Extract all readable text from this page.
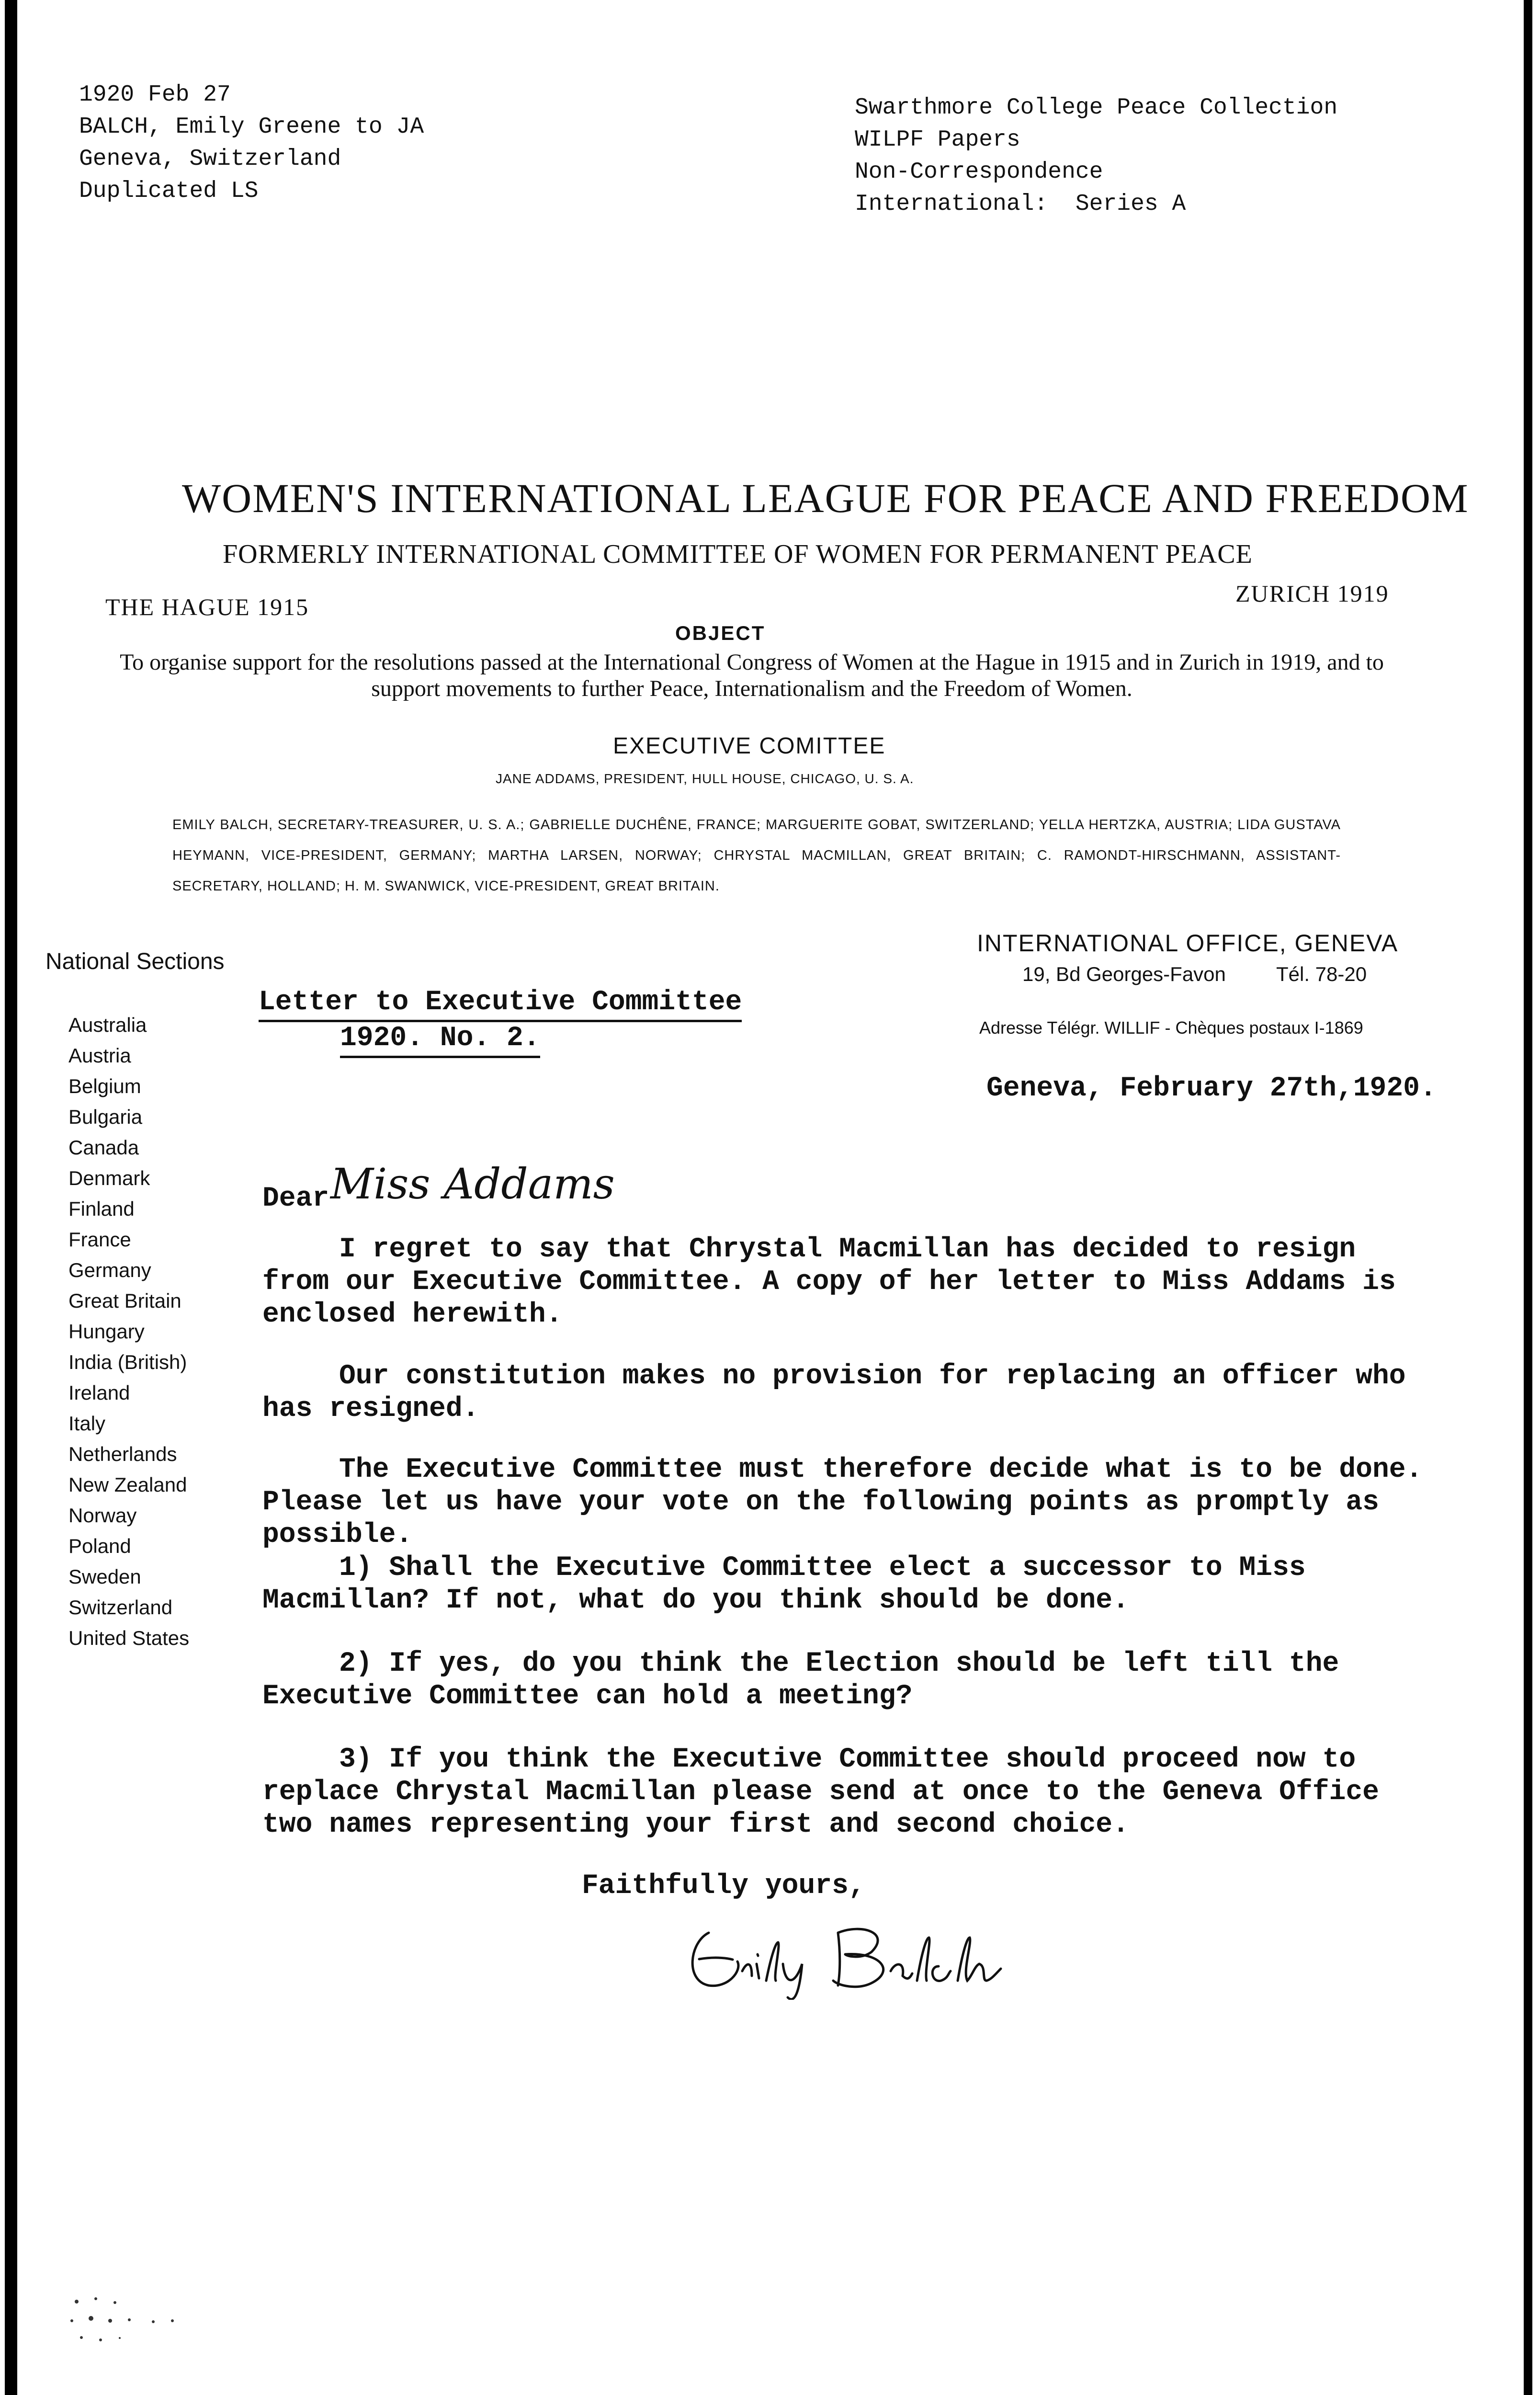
1920 Feb 27
BALCH, Emily Greene to JA
Geneva, Switzerland
Duplicated LS
Swarthmore College Peace Collection
WILPF Papers
Non-Correspondence
International:  Series A
WOMEN'S INTERNATIONAL LEAGUE FOR PEACE AND FREEDOM
FORMERLY INTERNATIONAL COMMITTEE OF WOMEN FOR PERMANENT PEACE
THE HAGUE 1915	ZURICH 1919
OBJECT
To organise support for the resolutions passed at the International Congress of Women at the Hague in 1915 and in Zurich in 1919, and to support movements to further Peace, Internationalism and the Freedom of Women.
EXECUTIVE COMITTEE
JANE ADDAMS, PRESIDENT, HULL HOUSE, CHICAGO, U. S. A.
EMILY BALCH, SECRETARY-TREASURER, U. S. A.; GABRIELLE DUCHÊNE, FRANCE; MARGUERITE GOBAT, SWITZERLAND; YELLA HERTZKA, AUSTRIA; LIDA GUSTAVA HEYMANN, VICE-PRESIDENT, GERMANY; MARTHA LARSEN, NORWAY; CHRYSTAL MACMILLAN, GREAT BRITAIN; C. RAMONDT-HIRSCHMANN, ASSISTANT-SECRETARY, HOLLAND; H. M. SWANWICK, VICE-PRESIDENT, GREAT BRITAIN.
National Sections
Australia
Austria
Belgium
Bulgaria
Canada
Denmark
Finland
France
Germany
Great Britain
Hungary
India (British)
Ireland
Italy
Netherlands
New Zealand
Norway
Poland
Sweden
Switzerland
United States
INTERNATIONAL OFFICE, GENEVA
19, Bd Georges-Favon	Tél. 78-20
Adresse Télégr. WILLIF - Chèques postaux I-1869
Letter to Executive Committee
1920. No. 2.
Geneva, February 27th,1920.
Dear Miss Addams
I regret to say that Chrystal Macmillan has decided to resign from our Executive Committee. A copy of her letter to Miss Addams is enclosed herewith.
Our constitution makes no provision for replacing an officer who has resigned.
The Executive Committee must therefore decide what is to be done. Please let us have your vote on the following points as promptly as possible.
1) Shall the Executive Committee elect a successor to Miss Macmillan? If not, what do you think should be done.
2) If yes, do you think the Election should be left till the Executive Committee can hold a meeting?
3) If you think the Executive Committee should proceed now to replace Chrystal Macmillan please send at once to the Geneva Office two names representing your first and second choice.
Faithfully yours,
